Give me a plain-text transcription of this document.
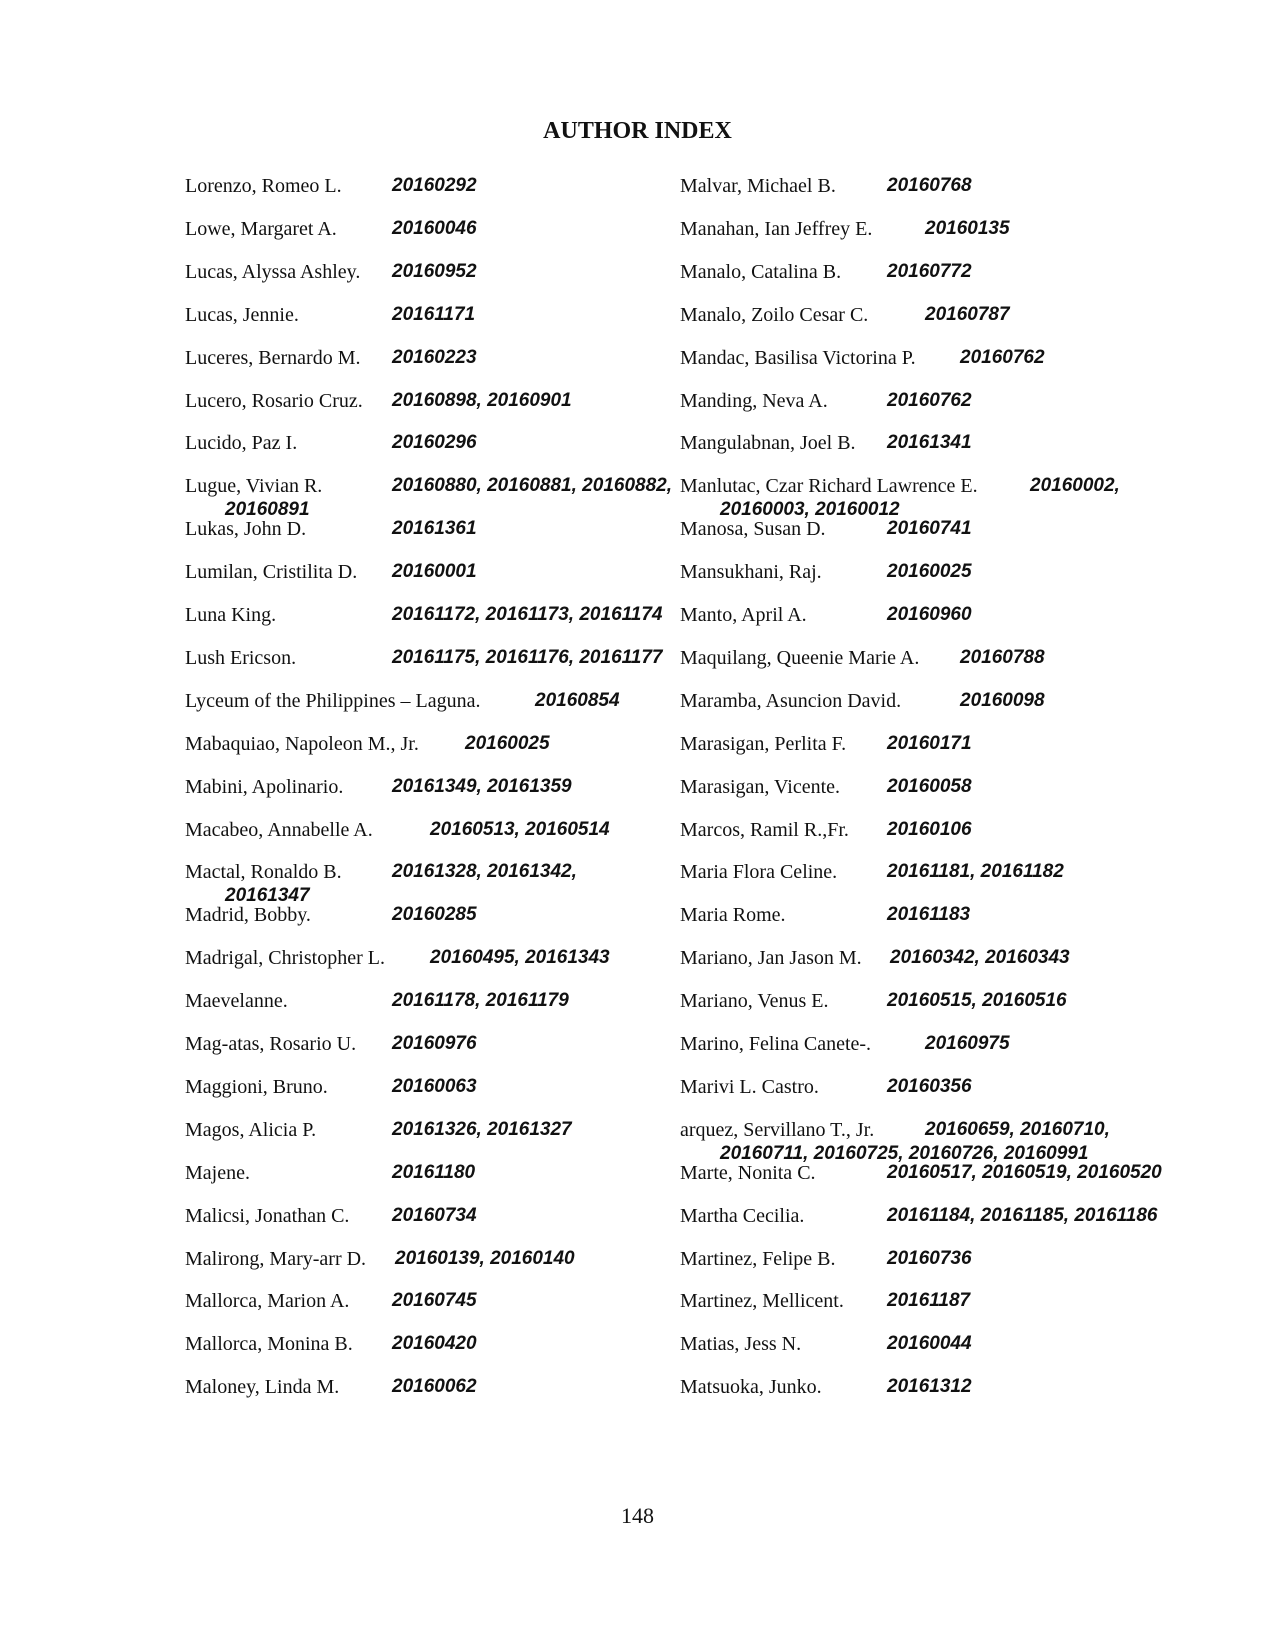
AUTHOR INDEX
Lorenzo, Romeo L.	20160292
Lowe, Margaret A.	20160046
Lucas, Alyssa Ashley. 20160952
Lucas, Jennie.	20161171
Luceres, Bernardo M. 20160223
Lucero, Rosario Cruz. 20160898, 20160901
Lucido, Paz I.	20160296
Lugue, Vivian R.	20160880, 20160881, 20160882,
20160891
Lukas, John D.	20161361
Lumilan, Cristilita D. 20160001
Luna King.	20161172, 20161173, 20161174
Lush Ericson.	20161175, 20161176, 20161177
Lyceum of the Philippines – Laguna.	20160854
Mabaquiao, Napoleon M., Jr. 20160025
Mabini, Apolinario.	20161349, 20161359
Macabeo, Annabelle A.	20160513, 20160514
Mactal, Ronaldo B.	20161328, 20161342,
20161347
Madrid, Bobby.	20160285
Madrigal, Christopher L. 20160495, 20161343
Maevelanne.	20161178, 20161179
Mag-atas, Rosario U. 20160976
Maggioni, Bruno.	20160063
Magos, Alicia P.	20161326, 20161327
Majene.	20161180
Malicsi, Jonathan C. 20160734
Malirong, Mary-arr D. 20160139, 20160140
Mallorca, Marion A. 20160745
Mallorca, Monina B. 20160420
Maloney, Linda M.	20160062
Malvar, Michael B.	20160768
Manahan, Ian Jeffrey E.	20160135
Manalo, Catalina B. 20160772
Manalo, Zoilo Cesar C.	20160787
Mandac, Basilisa Victorina P. 20160762
Manding, Neva A.	20160762
Mangulabnan, Joel B. 20161341
Manlutac, Czar Richard Lawrence E.	20160002,
20160003, 20160012
Manosa, Susan D.	20160741
Mansukhani, Raj.	20160025
Manto, April A.	20160960
Maquilang, Queenie Marie A. 20160788
Maramba, Asuncion David.	20160098
Marasigan, Perlita F. 20160171
Marasigan, Vicente. 20160058
Marcos, Ramil R.,Fr. 20160106
Maria Flora Celine.	20161181, 20161182
Maria Rome.	20161183
Mariano, Jan Jason M. 20160342, 20160343
Mariano, Venus E.	20160515, 20160516
Marino, Felina Canete-.	20160975
Marivi L. Castro.	20160356
arquez, Servillano T., Jr.	20160659, 20160710,
20160711, 20160725, 20160726, 20160991
Marte, Nonita C.	20160517, 20160519, 20160520
Martha Cecilia.	20161184, 20161185, 20161186
Martinez, Felipe B.	20160736
Martinez, Mellicent. 20161187
Matias, Jess N.	20160044
Matsuoka, Junko.	20161312
148
